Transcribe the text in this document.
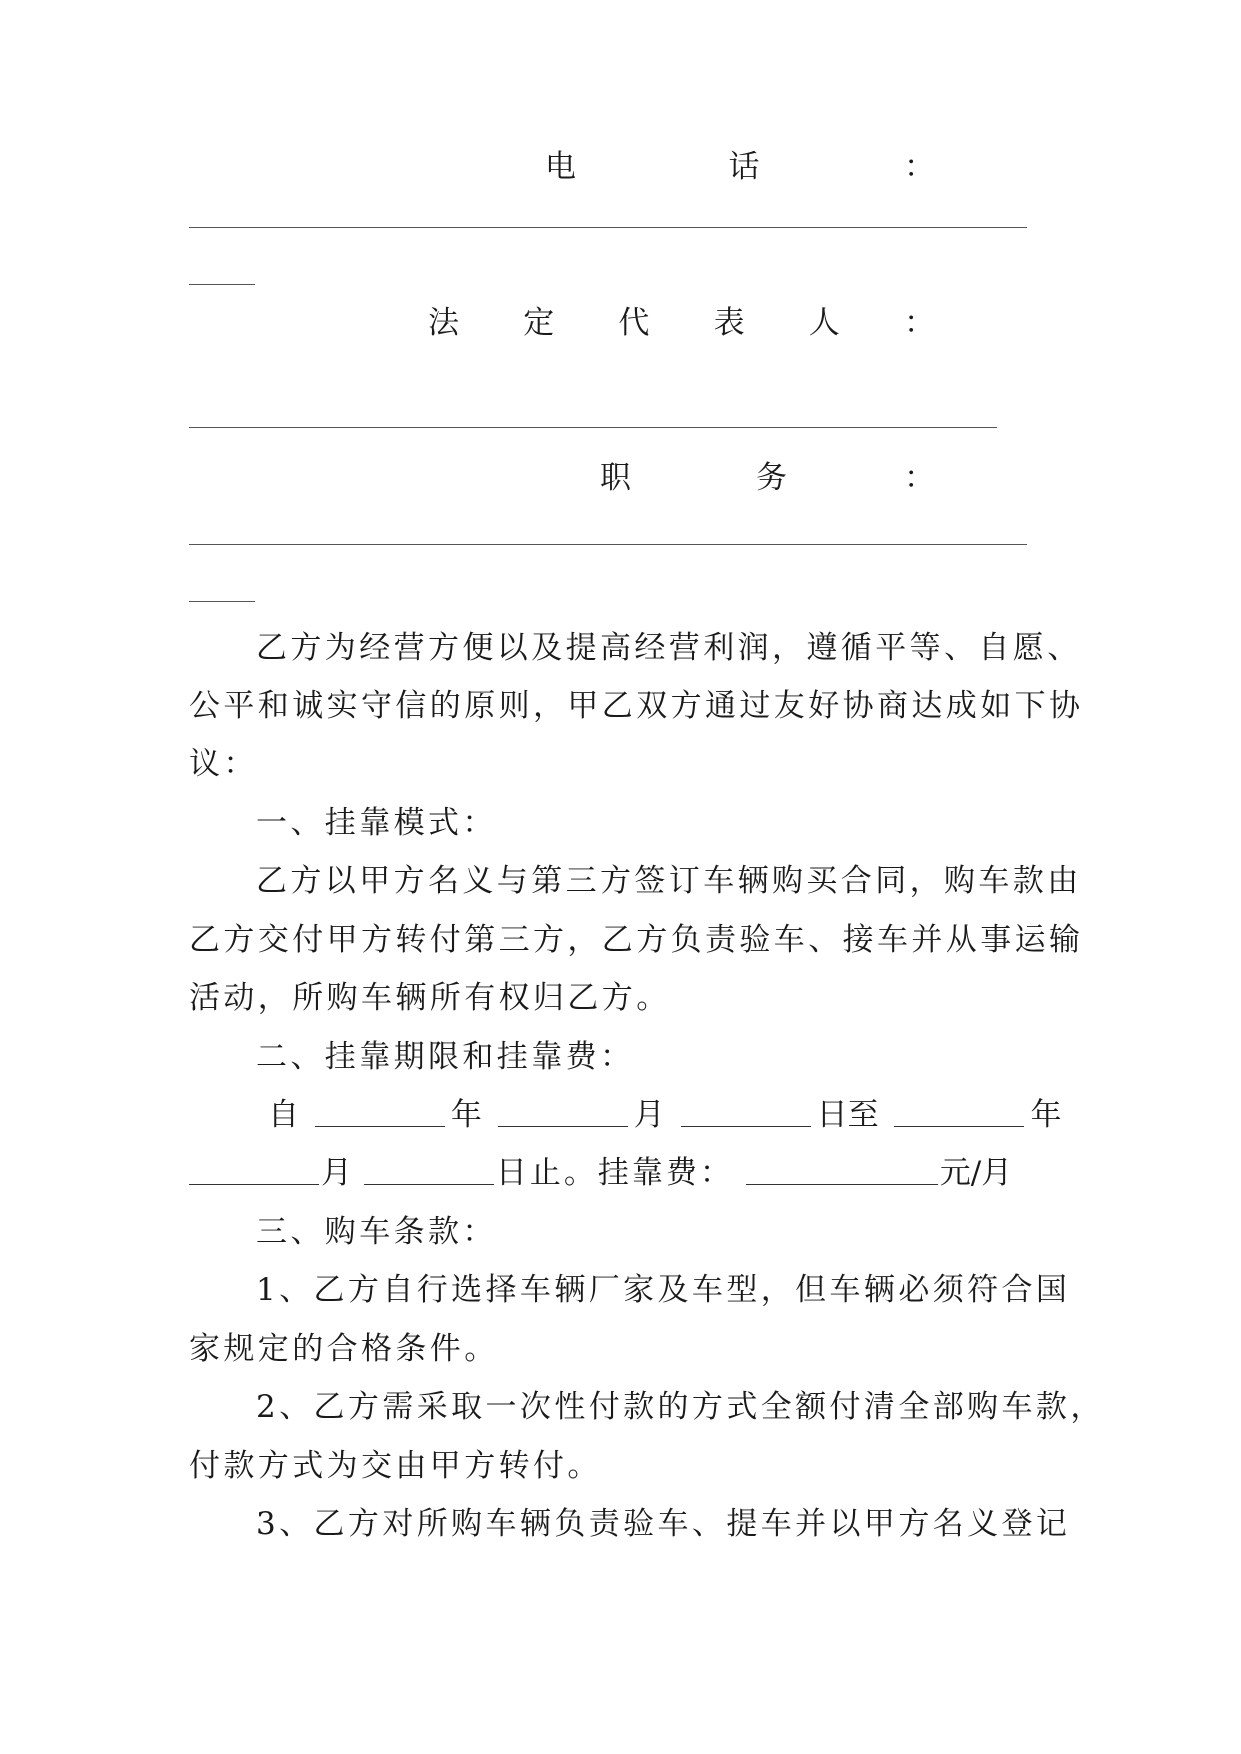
电	话	：
法 定 代 表 人 ：
职	务	：
乙方为经营方便以及提高经营利润，遵循平等、自愿、
公平和诚实守信的原则，甲乙双方通过友好协商达成如下协
议：
一、挂靠模式：
乙方以甲方名义与第三方签订车辆购买合同，购车款由
乙方交付甲方转付第三方，乙方负责验车、接车并从事运输
活动，所购车辆所有权归乙方。
二、挂靠期限和挂靠费：
自	年	月	日至	年
月	日止。挂靠费：	元/月
三、购车条款：
1、乙方自行选择车辆厂家及车型，但车辆必须符合国
家规定的合格条件。
2、乙方需采取一次性付款的方式全额付清全部购车款，
付款方式为交由甲方转付。
3、乙方对所购车辆负责验车、提车并以甲方名义登记
